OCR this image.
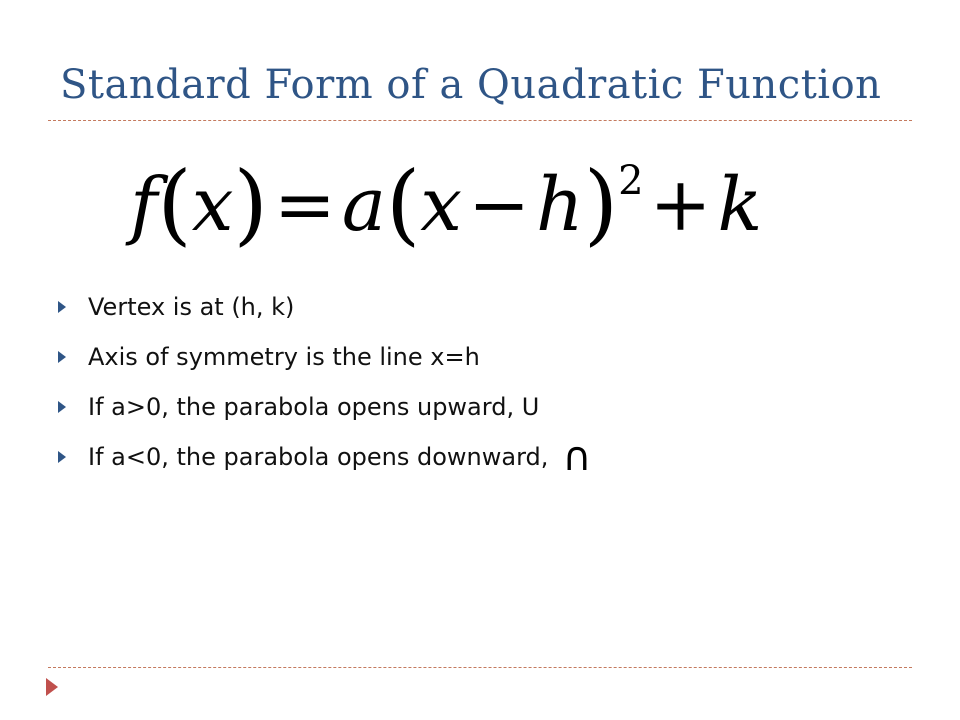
Standard Form of a Quadratic Function
$f(x)=a(x-h)^2+k$
Vertex is at (h, k)
Axis of symmetry is the line x=h
If a>0, the parabola opens upward, U
If a<0, the parabola opens downward, ∩
